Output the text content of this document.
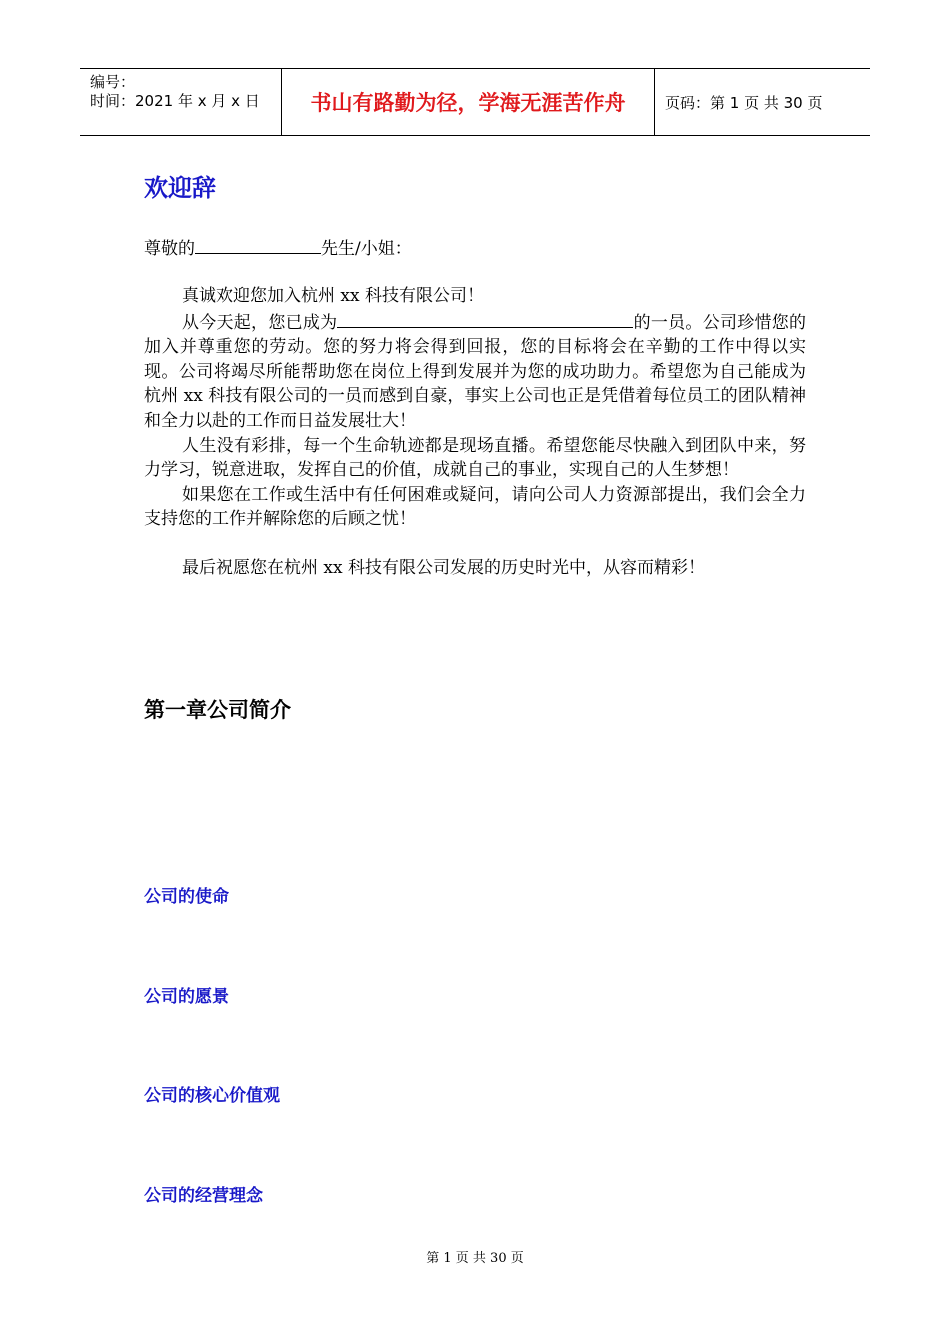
编号：
时间：2021 年 x 月 x 日	书山有路勤为径，学海无涯苦作舟	页码：第 1 页 共 30 页
欢迎辞
尊敬的	先生/小姐：

真诚欢迎您加入杭州 xx 科技有限公司！

从今天起，您已成为	的一员。公司珍惜您的加入并尊重您的劳动。您的努力将会得到回报，您的目标将会在辛勤的工作中得以实现。公司将竭尽所能帮助您在岗位上得到发展并为您的成功助力。希望您为自己能成为杭州 xx 科技有限公司的一员而感到自豪，事实上公司也正是凭借着每位员工的团队精神和全力以赴的工作而日益发展壮大！

人生没有彩排，每一个生命轨迹都是现场直播。希望您能尽快融入到团队中来，努力学习，锐意进取，发挥自己的价值，成就自己的事业，实现自己的人生梦想！

如果您在工作或生活中有任何困难或疑问，请向公司人力资源部提出，我们会全力支持您的工作并解除您的后顾之忧！

最后祝愿您在杭州 xx 科技有限公司发展的历史时光中，从容而精彩！

第一章公司简介
公司的使命
公司的愿景
公司的核心价值观
公司的经营理念
第 1 页 共 30 页
